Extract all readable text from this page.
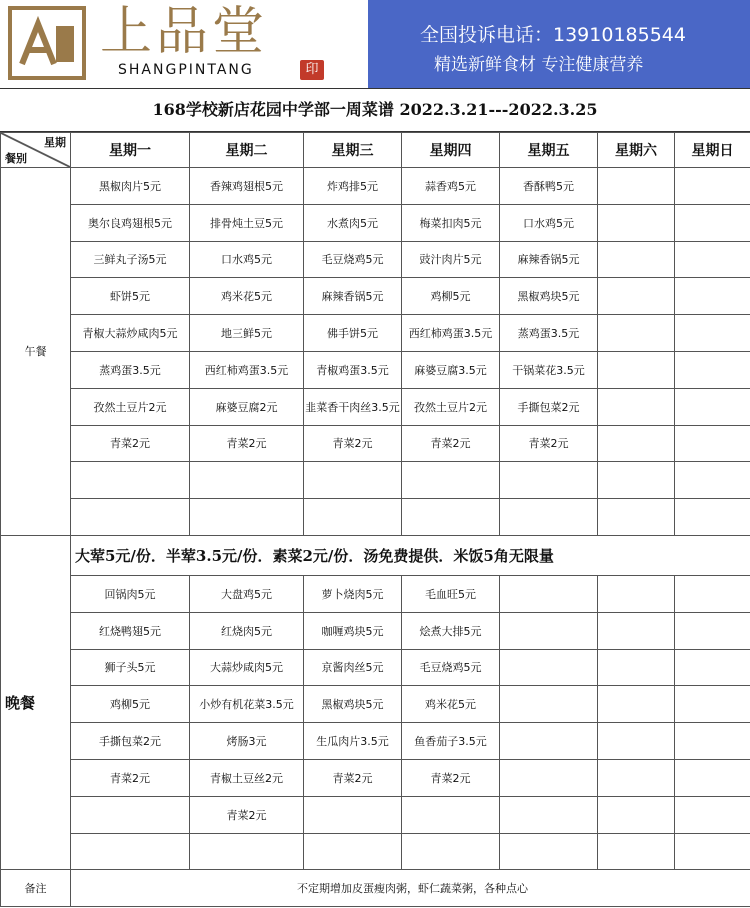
上品堂
SHANGPINTANG	印
全国投诉电话：13910185544
精选新鲜食材 专注健康营养
168学校新店花园中学部一周菜谱 2022.3.21---2022.3.25
星期
餐别	星期一	星期二	星期三	星期四	星期五	星期六	星期日
午餐	黑椒肉片5元	香辣鸡翅根5元	炸鸡排5元	蒜香鸡5元	香酥鸭5元		
	奥尔良鸡翅根5元	排骨炖土豆5元	水煮肉5元	梅菜扣肉5元	口水鸡5元		
	三鲜丸子汤5元	口水鸡5元	毛豆烧鸡5元	豉汁肉片5元	麻辣香锅5元		
	虾饼5元	鸡米花5元	麻辣香锅5元	鸡柳5元	黑椒鸡块5元		
	青椒大蒜炒咸肉5元	地三鲜5元	佛手饼5元	西红柿鸡蛋3.5元	蒸鸡蛋3.5元		
	蒸鸡蛋3.5元	西红柿鸡蛋3.5元	青椒鸡蛋3.5元	麻婆豆腐3.5元	干锅菜花3.5元		
	孜然土豆片2元	麻婆豆腐2元	韭菜香干肉丝3.5元	孜然土豆片2元	手撕包菜2元		
	青菜2元	青菜2元	青菜2元	青菜2元	青菜2元		

晚餐	大荤5元/份．半荤3.5元/份．素菜2元/份．汤免费提供．米饭5角无限量						
	回锅肉5元	大盘鸡5元	萝卜烧肉5元	毛血旺5元			
	红烧鸭翅5元	红烧肉5元	咖喱鸡块5元	烩煮大排5元			
	狮子头5元	大蒜炒咸肉5元	京酱肉丝5元	毛豆烧鸡5元			
	鸡柳5元	小炒有机花菜3.5元	黑椒鸡块5元	鸡米花5元			
	手撕包菜2元	烤肠3元	生瓜肉片3.5元	鱼香茄子3.5元			
	青菜2元	青椒土豆丝2元	青菜2元	青菜2元			
		青菜2元					

备注	不定期增加皮蛋瘦肉粥，虾仁蔬菜粥，各种点心						
